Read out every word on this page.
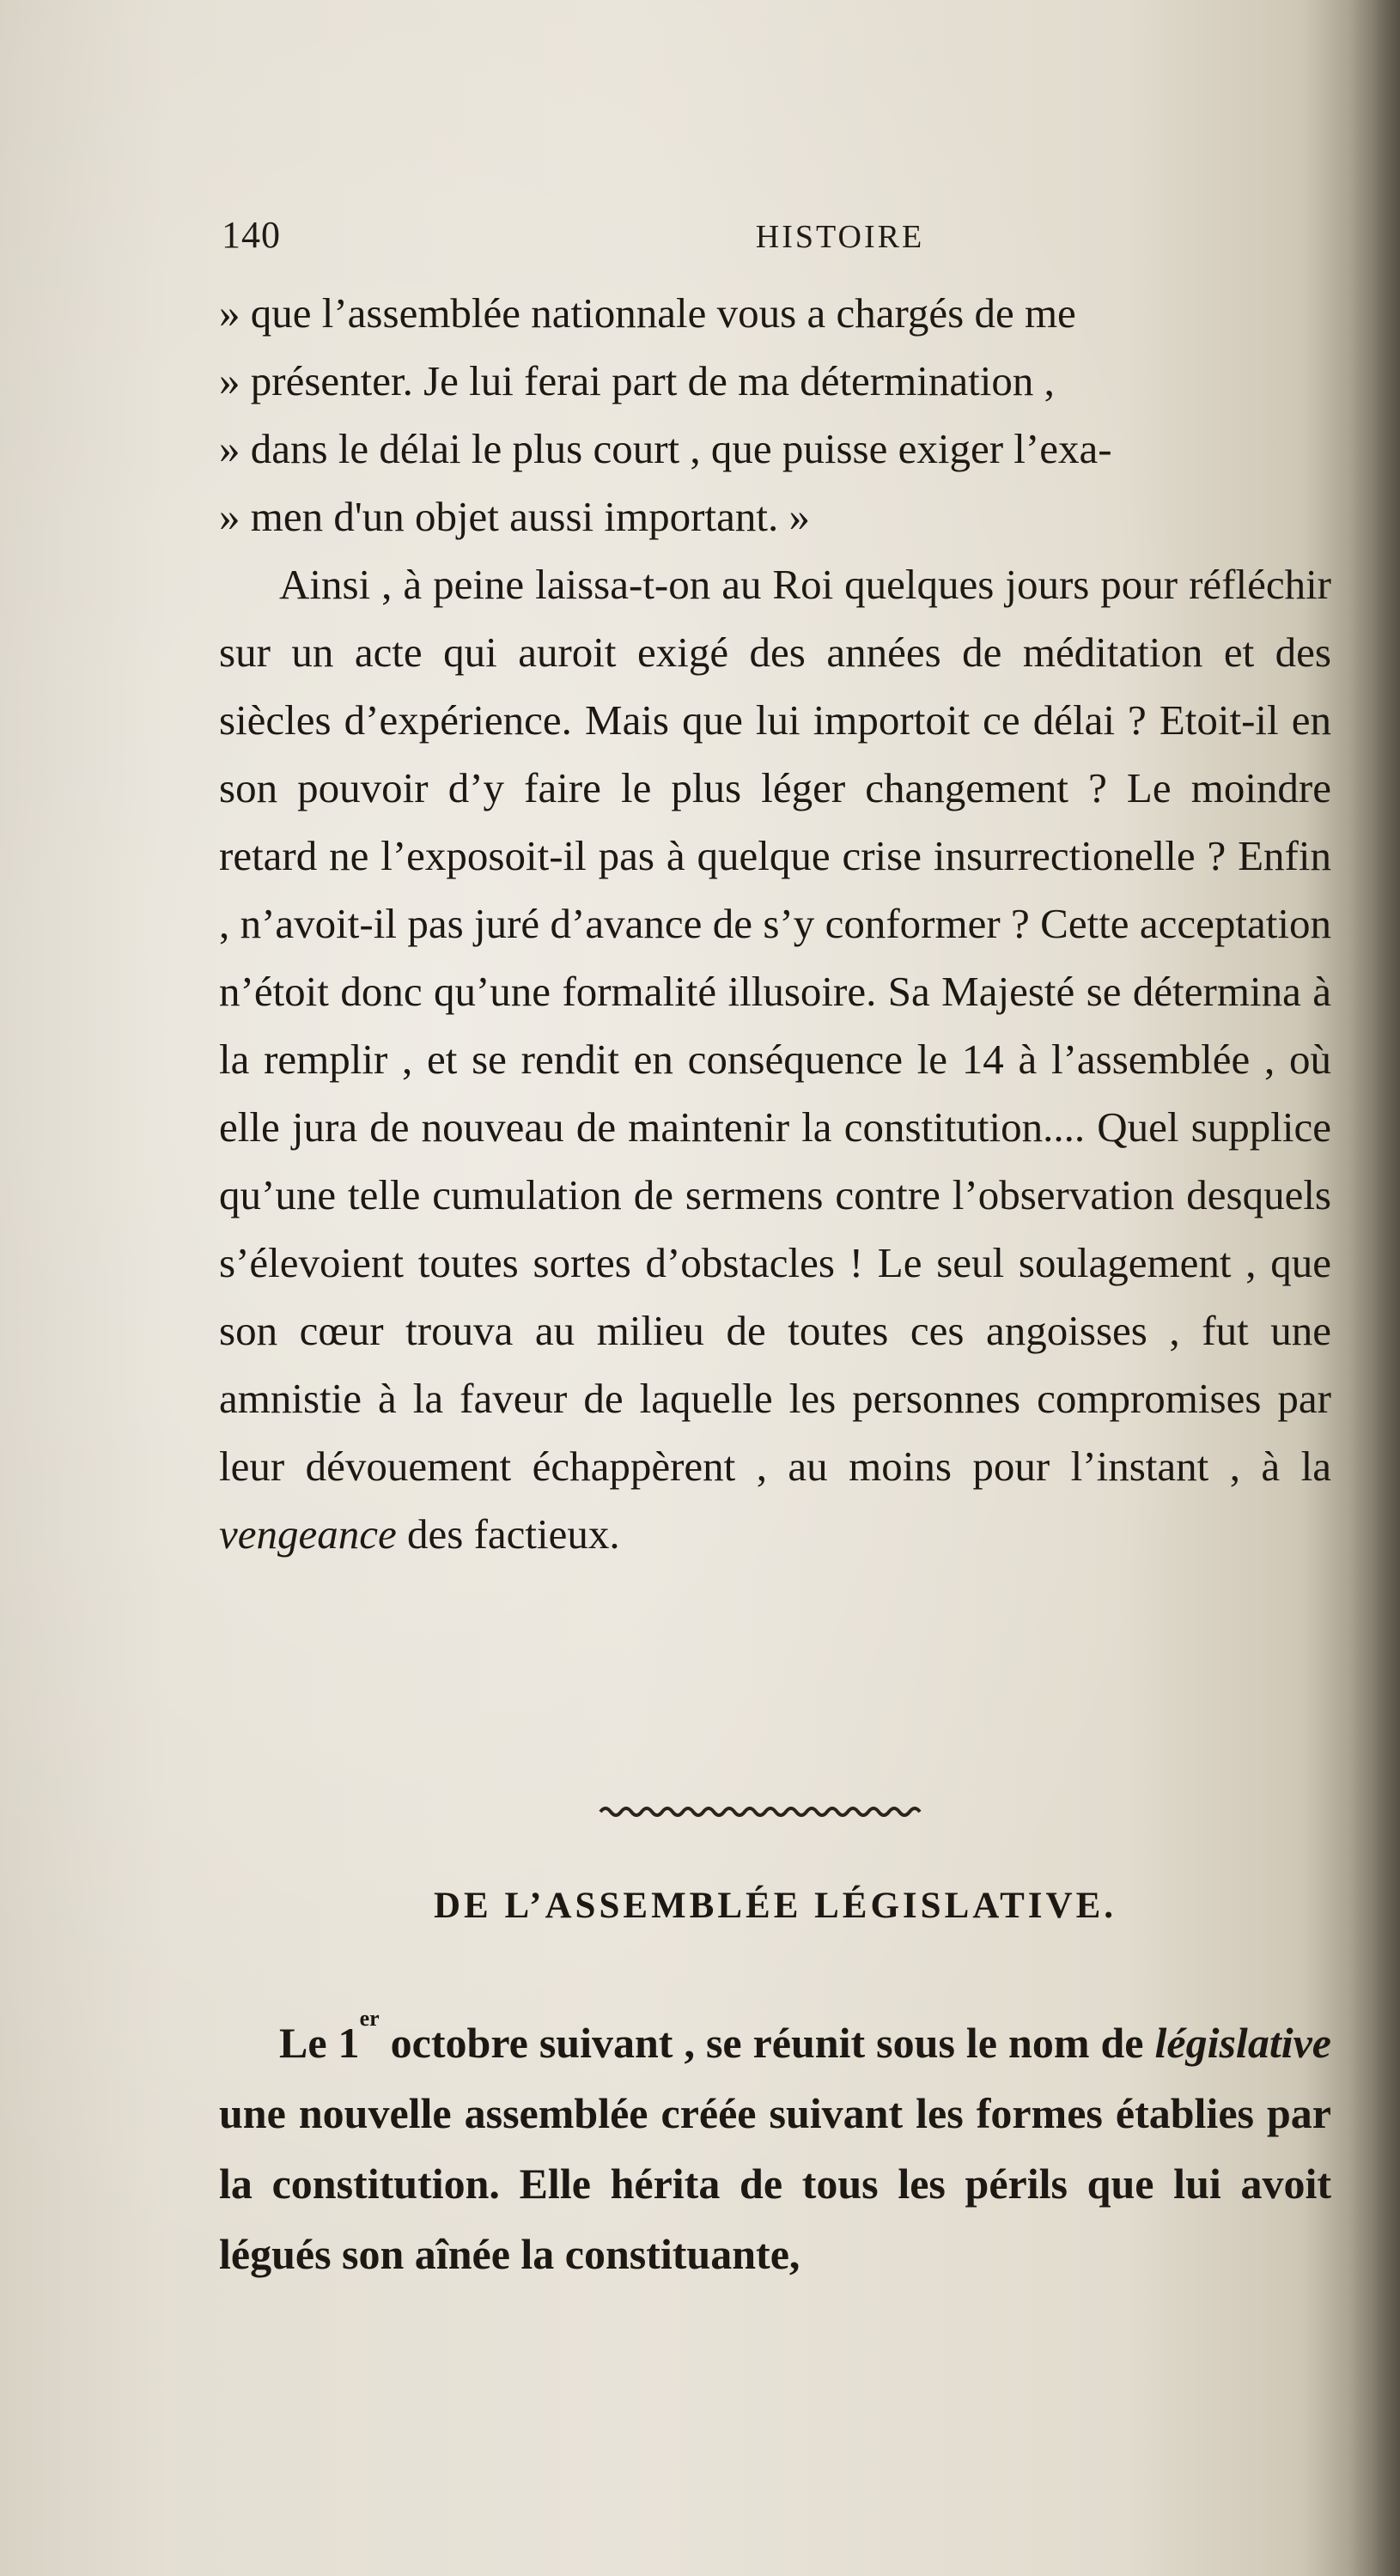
140	HISTOIRE

» que l’assemblée nationnale vous a chargés de me
» présenter. Je lui ferai part de ma détermination ,
» dans le délai le plus court , que puisse exiger l’exa-
» men d'un objet aussi important. »

Ainsi , à peine laissa-t-on au Roi quelques jours pour réfléchir sur un acte qui auroit exigé des années de méditation et des siècles d’expérience. Mais que lui importoit ce délai ? Etoit-il en son pouvoir d’y faire le plus léger changement ? Le moindre retard ne l’exposoit-il pas à quelque crise insurrectionelle ? Enfin , n’avoit-il pas juré d’avance de s’y conformer ? Cette acceptation n’étoit donc qu’une formalité illusoire. Sa Majesté se détermina à la remplir , et se rendit en conséquence le 14 à l’assemblée , où elle jura de nouveau de maintenir la constitution.... Quel supplice qu’une telle cumulation de sermens contre l’observation desquels s’élevoient toutes sortes d’obstacles ! Le seul soulagement , que son cœur trouva au milieu de toutes ces angoisses , fut une amnistie à la faveur de laquelle les personnes compromises par leur dévouement échappèrent , au moins pour l’instant , à la vengeance des factieux.

DE L’ASSEMBLÉE LÉGISLATIVE.

Le 1er octobre suivant , se réunit sous le nom de législative une nouvelle assemblée créée suivant les formes établies par la constitution. Elle hérita de tous les périls que lui avoit légués son aînée la constituante,
